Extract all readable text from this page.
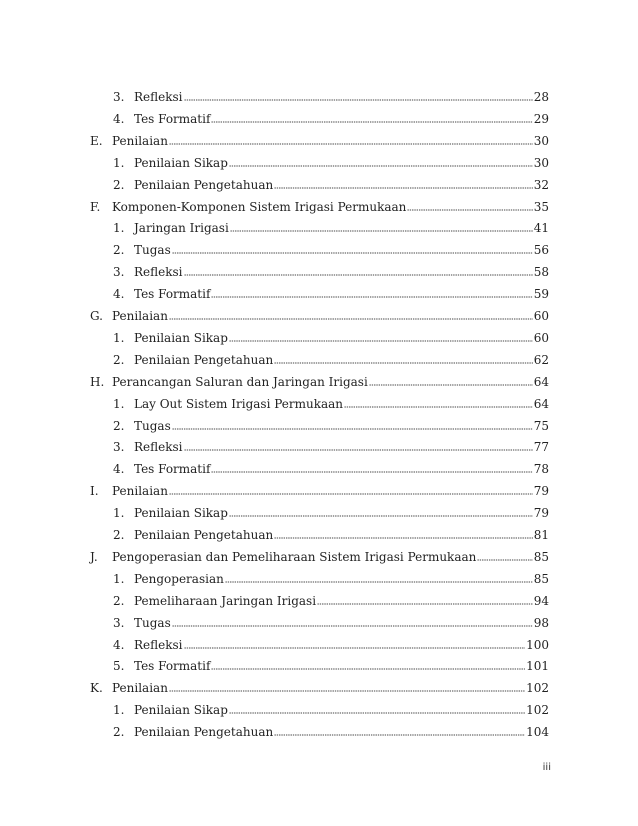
3. Refleksi	28
4. Tes Formatif	29
E. Penilaian	30
1. Penilaian Sikap	30
2. Penilaian Pengetahuan	32
F. Komponen-Komponen Sistem Irigasi Permukaan	35
1. Jaringan Irigasi	41
2. Tugas	56
3. Refleksi	58
4. Tes Formatif	59
G. Penilaian	60
1. Penilaian Sikap	60
2. Penilaian Pengetahuan	62
H. Perancangan Saluran dan Jaringan Irigasi	64
1. Lay Out Sistem Irigasi Permukaan	64
2. Tugas	75
3. Refleksi	77
4. Tes Formatif	78
I.	Penilaian	79
1. Penilaian Sikap	79
2. Penilaian Pengetahuan	81
J.	Pengoperasian dan Pemeliharaan Sistem Irigasi Permukaan	85
1. Pengoperasian	85
2. Pemeliharaan Jaringan Irigasi	94
3. Tugas	98
4. Refleksi	100
5. Tes Formatif	101
K. Penilaian	102
1. Penilaian Sikap	102
2. Penilaian Pengetahuan	104
iii
